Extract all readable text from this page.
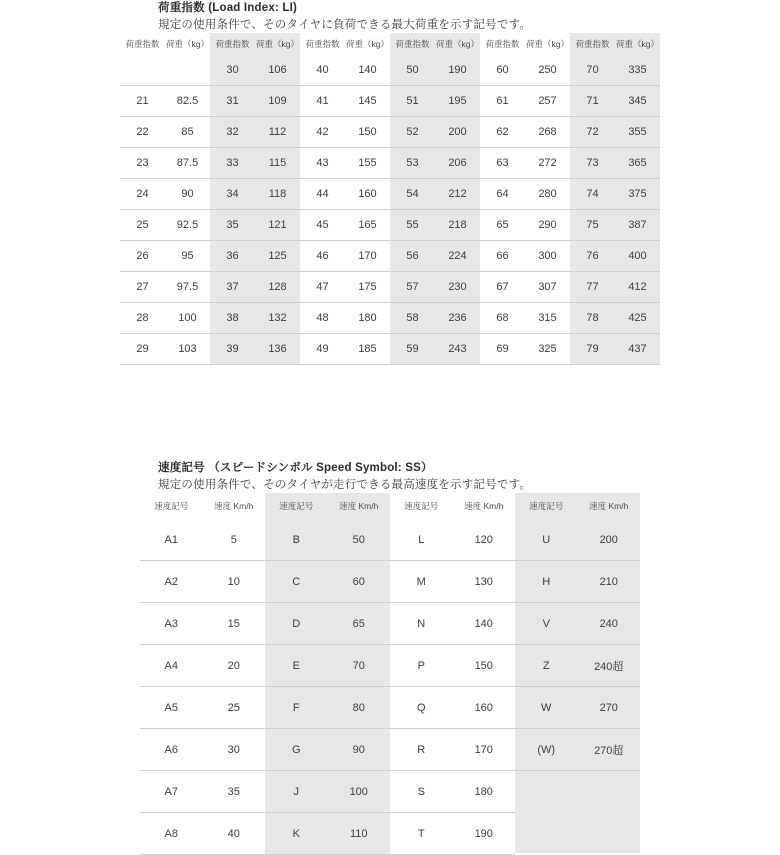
荷重指数 (Load Index: LI)
規定の使用条件で、そのタイヤに負荷できる最大荷重を示す記号です。
荷重指数 荷重（kg）
21	82.5
22	85
23	87.5
24	90
25	92.5
26	95
27	97.5
28	100
29	103
荷重指数 荷重（kg）
30	106
31	109
32	112
33	115
34	118
35	121
36	125
37	128
38	132
39	136
荷重指数 荷重（kg）
40	140
41	145
42	150
43	155
44	160
45	165
46	170
47	175
48	180
49	185
荷重指数 荷重（kg）
50	190
51	195
52	200
53	206
54	212
55	218
56	224
57	230
58	236
59	243
荷重指数 荷重（kg）
60	250
61	257
62	268
63	272
64	280
65	290
66	300
67	307
68	315
69	325
荷重指数 荷重（kg）
70	335
71	345
72	355
73	365
74	375
75	387
76	400
77	412
78	425
79	437
速度記号 （スピードシンボル Speed Symbol: SS）
規定の使用条件で、そのタイヤが走行できる最高速度を示す記号です。
速度記号	速度 Km/h
A1	5
A2	10
A3	15
A4	20
A5	25
A6	30
A7	35
A8	40
速度記号	速度 Km/h
B	50
C	60
D	65
E	70
F	80
G	90
J	100
K	110
速度記号	速度 Km/h
L	120
M	130
N	140
P	150
Q	160
R	170
S	180
T	190
速度記号	速度 Km/h
U	200
H	210
V	240
Z	240超
W	270
(W)	270超
